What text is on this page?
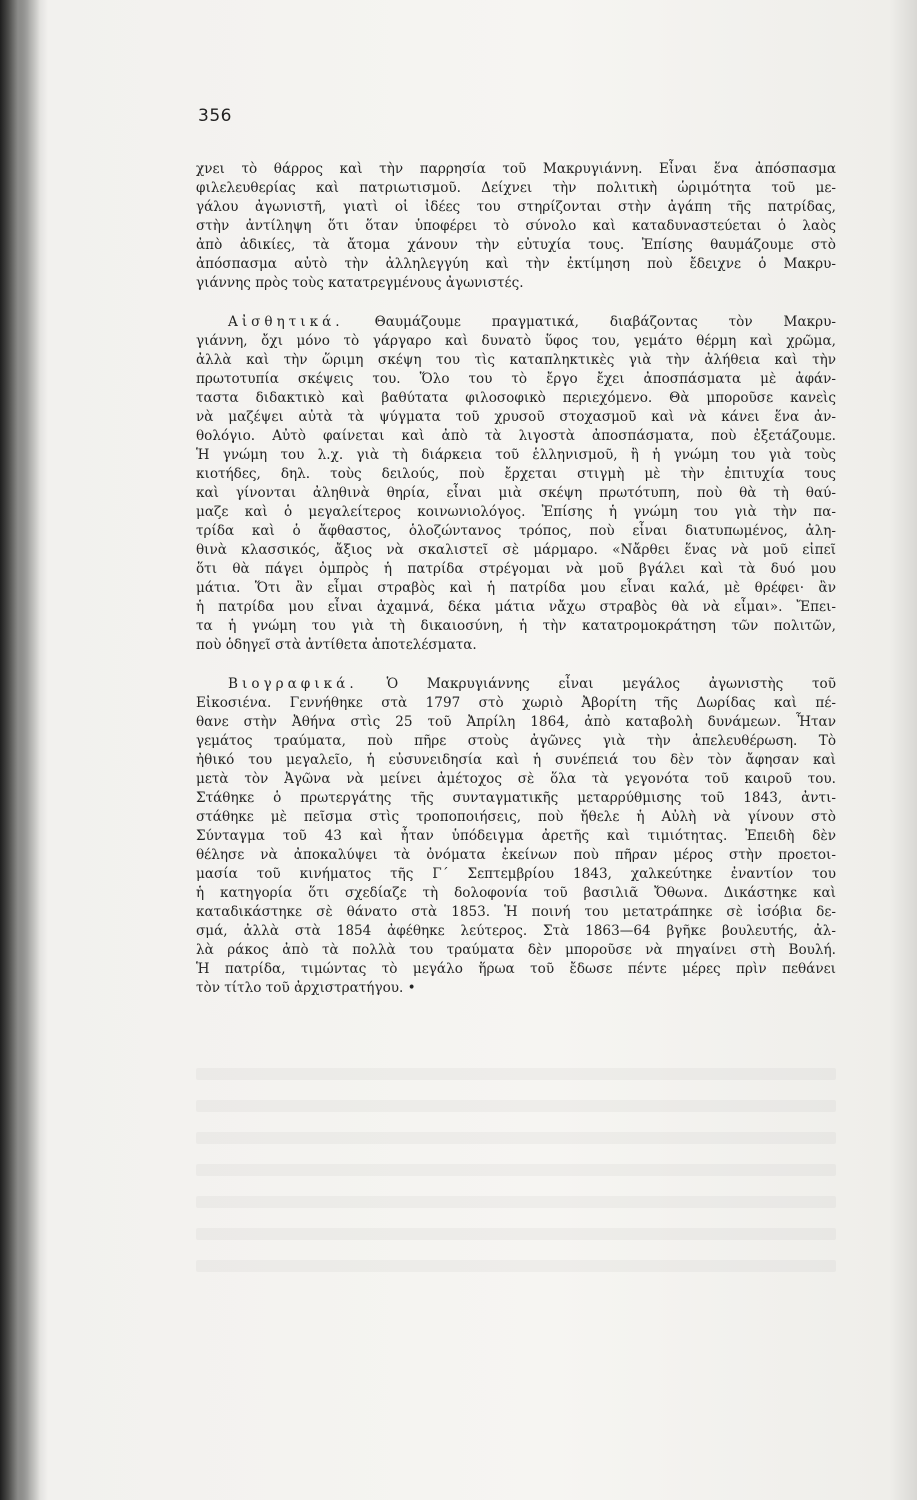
356
χνει τὸ θάρρος καὶ τὴν παρρησία τοῦ Μακρυγιάννη. Εἶναι ἕνα ἀπόσπασμα
φιλελευθερίας καὶ πατριωτισμοῦ. Δείχνει τὴν πολιτικὴ ὡριμότητα τοῦ με-
γάλου ἀγωνιστῆ, γιατὶ οἱ ἰδέες του στηρίζονται στὴν ἀγάπη τῆς πατρίδας,
στὴν ἀντίληψη ὅτι ὅταν ὑποφέρει τὸ σύνολο καὶ καταδυναστεύεται ὁ λαὸς
ἀπὸ ἀδικίες, τὰ ἄτομα χάνουν τὴν εὐτυχία τους. Ἐπίσης θαυμάζουμε στὸ
ἀπόσπασμα αὐτὸ τὴν ἀλληλεγγύη καὶ τὴν ἐκτίμηση ποὺ ἔδειχνε ὁ Μακρυ-
γιάννης πρὸς τοὺς κατατρεγμένους ἀγωνιστές.
Αἰσθητικά. Θαυμάζουμε πραγματικά, διαβάζοντας τὸν Μακρυ-
γιάννη, ὄχι μόνο τὸ γάργαρο καὶ δυνατὸ ὕφος του, γεμάτο θέρμη καὶ χρῶμα,
ἀλλὰ καὶ τὴν ὥριμη σκέψη του τὶς καταπληκτικὲς γιὰ τὴν ἀλήθεια καὶ τὴν
πρωτοτυπία σκέψεις του. Ὅλο του τὸ ἔργο ἔχει ἀποσπάσματα μὲ ἀφάν-
ταστα διδακτικὸ καὶ βαθύτατα φιλοσοφικὸ περιεχόμενο. Θὰ μποροῦσε κανεὶς
νὰ μαζέψει αὐτὰ τὰ ψύγματα τοῦ χρυσοῦ στοχασμοῦ καὶ νὰ κάνει ἕνα ἀν-
θολόγιο. Αὐτὸ φαίνεται καὶ ἀπὸ τὰ λιγοστὰ ἀποσπάσματα, ποὺ ἐξετάζουμε.
Ἡ γνώμη του λ.χ. γιὰ τὴ διάρκεια τοῦ ἑλληνισμοῦ, ἢ ἡ γνώμη του γιὰ τοὺς
κιοτήδες, δηλ. τοὺς δειλούς, ποὺ ἔρχεται στιγμὴ μὲ τὴν ἐπιτυχία τους
καὶ γίνονται ἀληθινὰ θηρία, εἶναι μιὰ σκέψη πρωτότυπη, ποὺ θὰ τὴ θαύ-
μαζε καὶ ὁ μεγαλείτερος κοινωνιολόγος. Ἐπίσης ἡ γνώμη του γιὰ τὴν πα-
τρίδα καὶ ὁ ἄφθαστος, ὁλοζώντανος τρόπος, ποὺ εἶναι διατυπωμένος, ἀλη-
θινὰ κλασσικός, ἄξιος νὰ σκαλιστεῖ σὲ μάρμαρο. «Νἄρθει ἕνας νὰ μοῦ εἰπεῖ
ὅτι θὰ πάγει ὀμπρὸς ἡ πατρίδα στρέγομαι νὰ μοῦ βγάλει καὶ τὰ δυό μου
μάτια. Ὅτι ἂν εἶμαι στραβὸς καὶ ἡ πατρίδα μου εἶναι καλά, μὲ θρέφει· ἂν
ἡ πατρίδα μου εἶναι ἀχαμνά, δέκα μάτια νἄχω στραβὸς θὰ νὰ εἶμαι». Ἔπει-
τα ἡ γνώμη του γιὰ τὴ δικαιοσύνη, ἡ τὴν κατατρομοκράτηση τῶν πολιτῶν,
ποὺ ὁδηγεῖ στὰ ἀντίθετα ἀποτελέσματα.
Βιογραφικά. Ὁ Μακρυγιάννης εἶναι μεγάλος ἀγωνιστὴς τοῦ
Εἰκοσιένα. Γεννήθηκε στὰ 1797 στὸ χωριὸ Ἀβορίτη τῆς Δωρίδας καὶ πέ-
θανε στὴν Ἀθήνα στὶς 25 τοῦ Ἀπρίλη 1864, ἀπὸ καταβολὴ δυνάμεων. Ἦταν
γεμάτος τραύματα, ποὺ πῆρε στοὺς ἀγῶνες γιὰ τὴν ἀπελευθέρωση. Τὸ
ἠθικό του μεγαλεῖο, ἡ εὐσυνειδησία καὶ ἡ συνέπειά του δὲν τὸν ἄφησαν καὶ
μετὰ τὸν Ἀγῶνα νὰ μείνει ἀμέτοχος σὲ ὅλα τὰ γεγονότα τοῦ καιροῦ του.
Στάθηκε ὁ πρωτεργάτης τῆς συνταγματικῆς μεταρρύθμισης τοῦ 1843, ἀντι-
στάθηκε μὲ πεῖσμα στὶς τροποποιήσεις, ποὺ ἤθελε ἡ Αὐλὴ νὰ γίνουν στὸ
Σύνταγμα τοῦ 43 καὶ ἦταν ὑπόδειγμα ἀρετῆς καὶ τιμιότητας. Ἐπειδὴ δὲν
θέλησε νὰ ἀποκαλύψει τὰ ὀνόματα ἐκείνων ποὺ πῆραν μέρος στὴν προετοι-
μασία τοῦ κινήματος τῆς Γ΄ Σεπτεμβρίου 1843, χαλκεύτηκε ἐναντίον του
ἡ κατηγορία ὅτι σχεδίαζε τὴ δολοφονία τοῦ βασιλιᾶ Ὄθωνα. Δικάστηκε καὶ
καταδικάστηκε σὲ θάνατο στὰ 1853. Ἡ ποινή του μετατράπηκε σὲ ἰσόβια δε-
σμά, ἀλλὰ στὰ 1854 ἀφέθηκε λεύτερος. Στὰ 1863—64 βγῆκε βουλευτής, ἀλ-
λὰ ράκος ἀπὸ τὰ πολλὰ του τραύματα δὲν μποροῦσε νὰ πηγαίνει στὴ Βουλή.
Ἡ πατρίδα, τιμώντας τὸ μεγάλο ἥρωα τοῦ ἔδωσε πέντε μέρες πρὶν πεθάνει
τὸν τίτλο τοῦ ἀρχιστρατήγου. •
